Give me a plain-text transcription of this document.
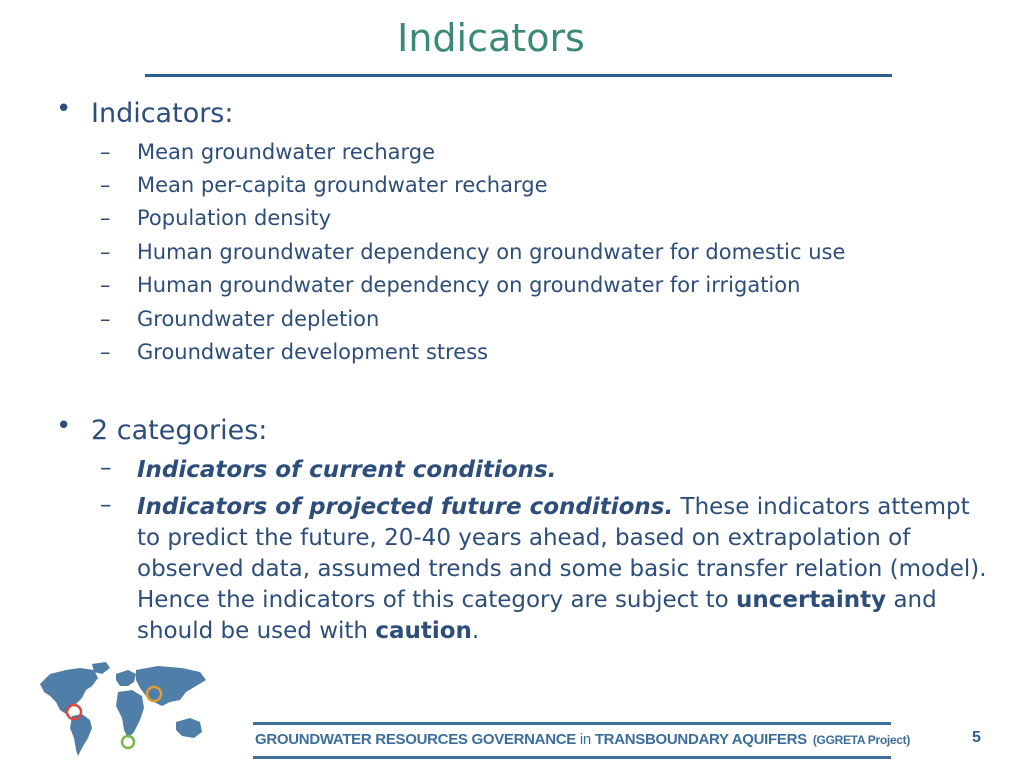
Indicators
• Indicators:
– Mean groundwater recharge
– Mean per-capita groundwater recharge
– Population density
– Human groundwater dependency on groundwater for domestic use
– Human groundwater dependency on groundwater for irrigation
– Groundwater depletion
– Groundwater development stress
• 2 categories:
– Indicators of current conditions.
– Indicators of projected future conditions. These indicators attempt to predict the future, 20-40 years ahead, based on extrapolation of observed data, assumed trends and some basic transfer relation (model). Hence the indicators of this category are subject to uncertainty and should be used with caution.
GROUNDWATER RESOURCES GOVERNANCE in TRANSBOUNDARY AQUIFERS (GGRETA Project)	5
